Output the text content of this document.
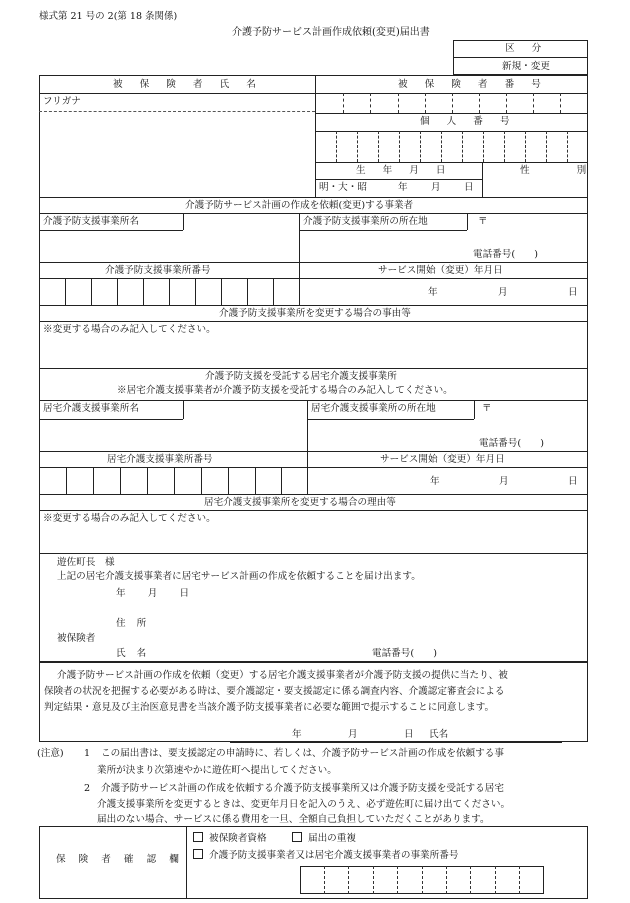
様式第 21 号の 2(第 18 条関係)
介護予防サービス計画作成依頼(変更)届出書
区 分
新規・変更
被 保 険 者 氏 名	被 保 険 者 番 号
フリガナ
個 人 番 号
生 年 月 日	性 別
明・大・昭	年 月 日
介護予防サービス計画の作成を依頼(変更)する事業者
介護予防支援事業所名	介護予防支援事業所の所在地	〒
電話番号(　　)
介護予防支援事業所番号	サービス開始（変更）年月日
年	月	日
介護予防支援事業所を変更する場合の事由等
※変更する場合のみ記入してください。
介護予防支援を受託する居宅介護支援事業所
※居宅介護支援事業者が介護予防支援を受託する場合のみ記入してください。
居宅介護支援事業所名	居宅介護支援事業所の所在地	〒
電話番号(　　)
居宅介護支援事業所番号	サービス開始（変更）年月日
年	月	日
居宅介護支援事業所を変更する場合の理由等
※変更する場合のみ記入してください。
遊佐町長　様
上記の居宅介護支援事業者に居宅サービス計画の作成を依頼することを届け出ます。
年　　月　　日
住 所
被保険者
氏 名	電話番号(　　)
介護予防サービス計画の作成を依頼（変更）する居宅介護支援事業者が介護予防支援の提供に当たり、被
保険者の状況を把握する必要がある時は、要介護認定・要支援認定に係る調査内容、介護認定審査会による
判定結果・意見及び主治医意見書を当該介護予防支援事業者に必要な範囲で提示することに同意します。
年	月	日 氏名
(注意) 1 この届出書は、要支援認定の申請時に、若しくは、介護予防サービス計画の作成を依頼する事
業所が決まり次第速やかに遊佐町へ提出してください。
2 介護予防サービス計画の作成を依頼する介護予防支援事業所又は介護予防支援を受託する居宅
介護支援事業所を変更するときは、変更年月日を記入のうえ、必ず遊佐町に届け出てください。
届出のない場合、サービスに係る費用を一旦、全額自己負担していただくことがあります。
保 険 者 確 認 欄
被保険者資格	届出の重複
介護予防支援事業者又は居宅介護支援事業者の事業所番号
